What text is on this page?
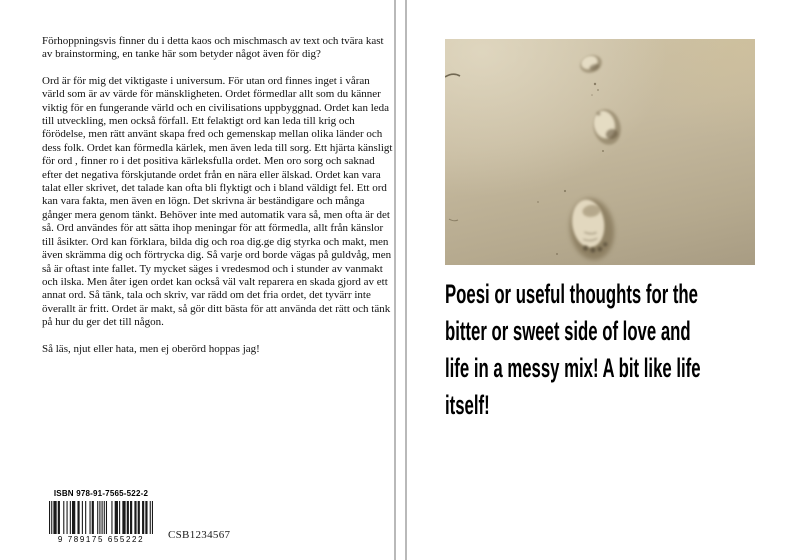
Förhoppningsvis finner du i detta kaos och mischmasch av text och tvära kast av brainstorming, en tanke här som betyder något även för dig?

Ord är för mig det viktigaste i universum. För utan ord finnes inget i våran värld som är av värde för mänskligheten. Ordet förmedlar allt som du känner viktig för en fungerande värld och en civilisations uppbyggnad. Ordet kan leda till utveckling, men också förfall. Ett felaktigt ord kan leda till krig och förödelse, men rätt använt skapa fred och gemenskap mellan olika länder och dess folk. Ordet kan förmedla kärlek, men även leda till sorg. Ett hjärta känsligt för ord , finner ro i det positiva kärleksfulla ordet. Men oro sorg och saknad efter det negativa förskjutande ordet från en nära eller älskad. Ordet kan vara talat eller skrivet, det talade kan ofta bli flyktigt och i bland väldigt fel. Ett ord kan vara fakta, men även en lögn. Det skrivna är beständigare och många gånger mera genom tänkt. Behöver inte med automatik vara så, men ofta är det så. Ord användes för att sätta ihop meningar för att förmedla, allt från känslor till åsikter. Ord kan förklara, bilda dig och roa dig.ge dig styrka och makt, men även skrämma dig och förtrycka dig. Så varje ord borde vägas på guldvåg, men så är oftast inte fallet. Ty mycket säges i vredesmod och i stunder av vanmakt och ilska. Men åter igen ordet kan också väl valt reparera en skada gjord av ett annat ord. Så tänk, tala och skriv, var rädd om det fria ordet, det tyvärr inte överallt är fritt. Ordet är makt, så gör ditt bästa för att använda det rätt och tänk på hur du ger det till någon.

Så läs, njut eller hata, men ej oberörd hoppas jag!

ISBN 978-91-7565-522-2
9 789175 655222	CSB1234567
Poesi or useful thoughts for the
bitter or sweet side of love and
life in a messy mix! A bit like life
itself!
